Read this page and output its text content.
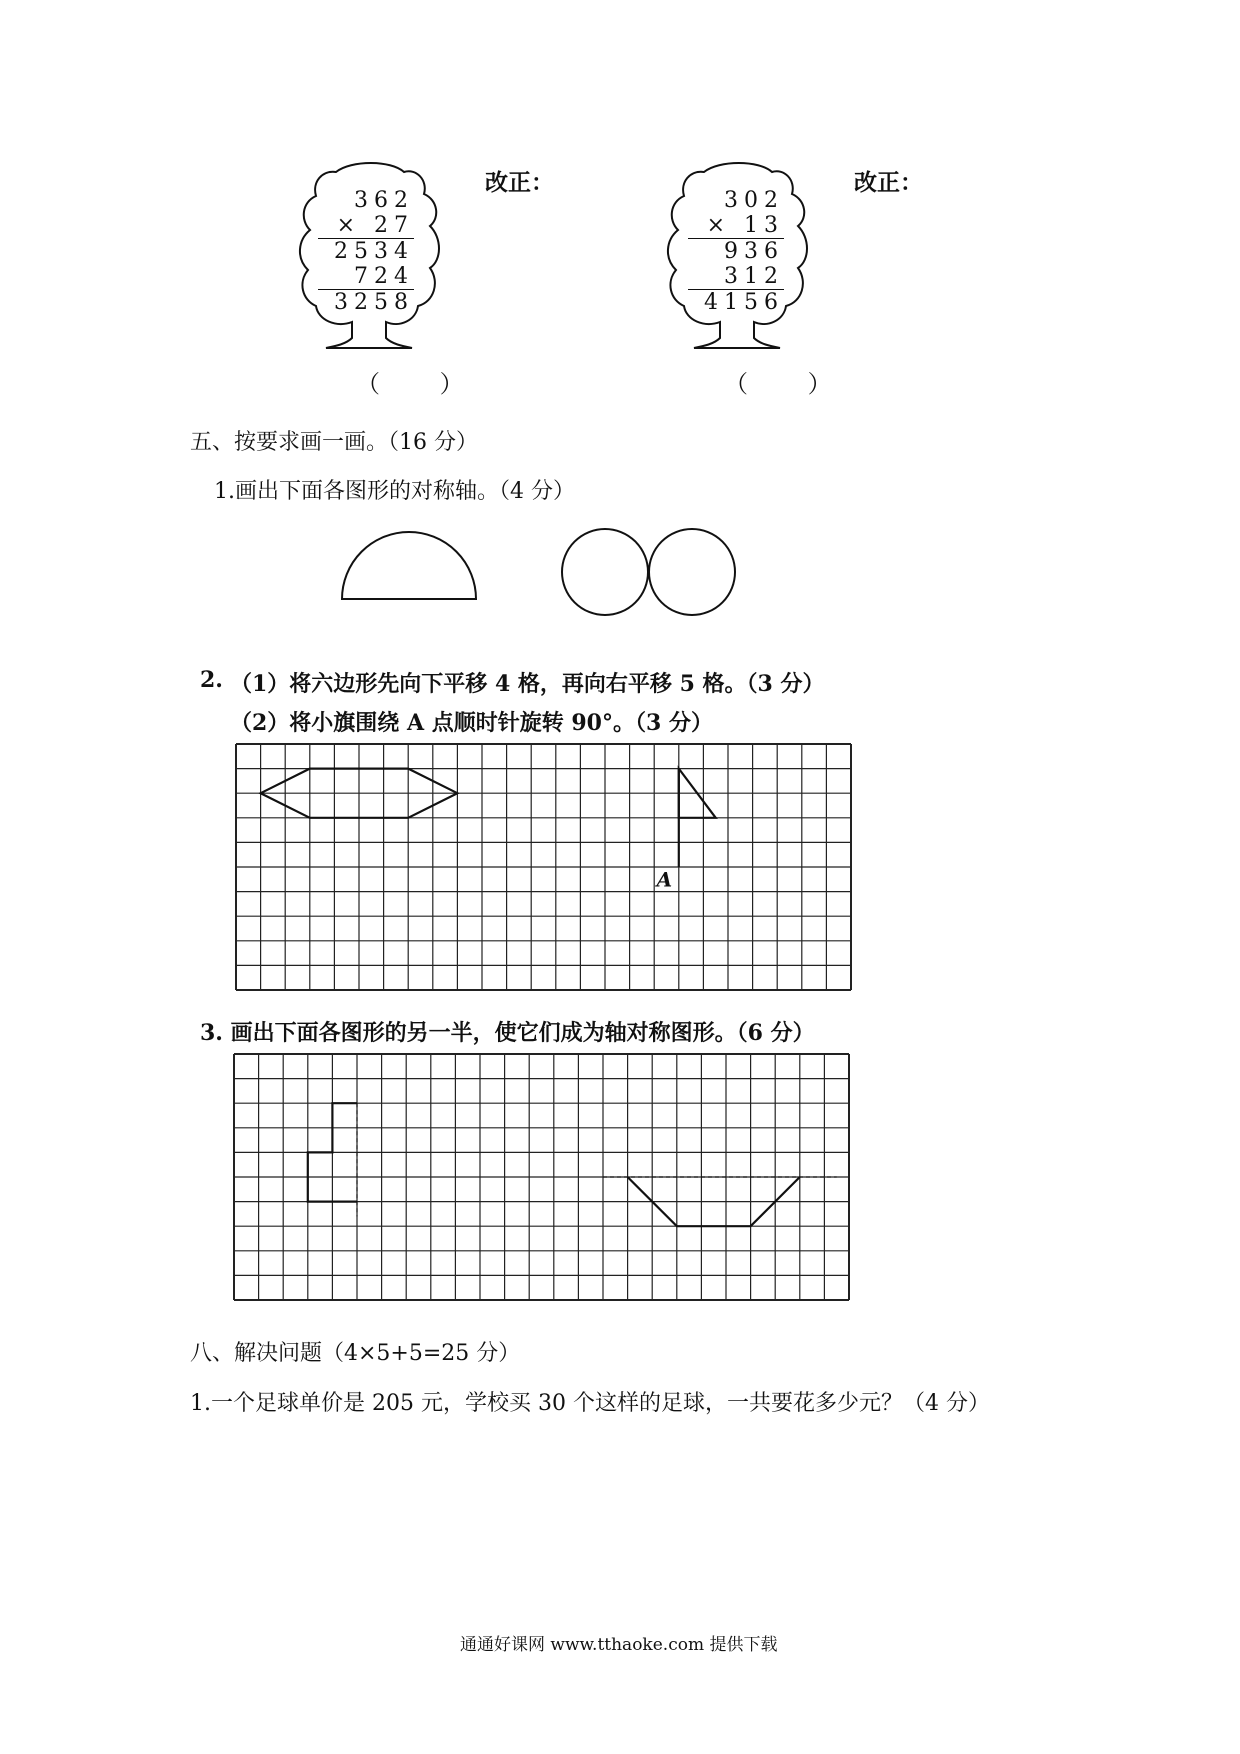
362
× 27
2534
724
3258
改正：
（ ）
302
× 13
936
312
4156
改正：
（ ）
五、按要求画一画。（16 分）
1.画出下面各图形的对称轴。（4 分）
2. （1）将六边形先向下平移 4 格，再向右平移 5 格。（3 分）
（2）将小旗围绕 A 点顺时针旋转 90°。（3 分）
A
3. 画出下面各图形的另一半，使它们成为轴对称图形。（6 分）
八、解决问题（4×5+5=25 分）
1.一个足球单价是 205 元，学校买 30 个这样的足球，一共要花多少元？（4 分）
通通好课网 www.tthaoke.com 提供下载
